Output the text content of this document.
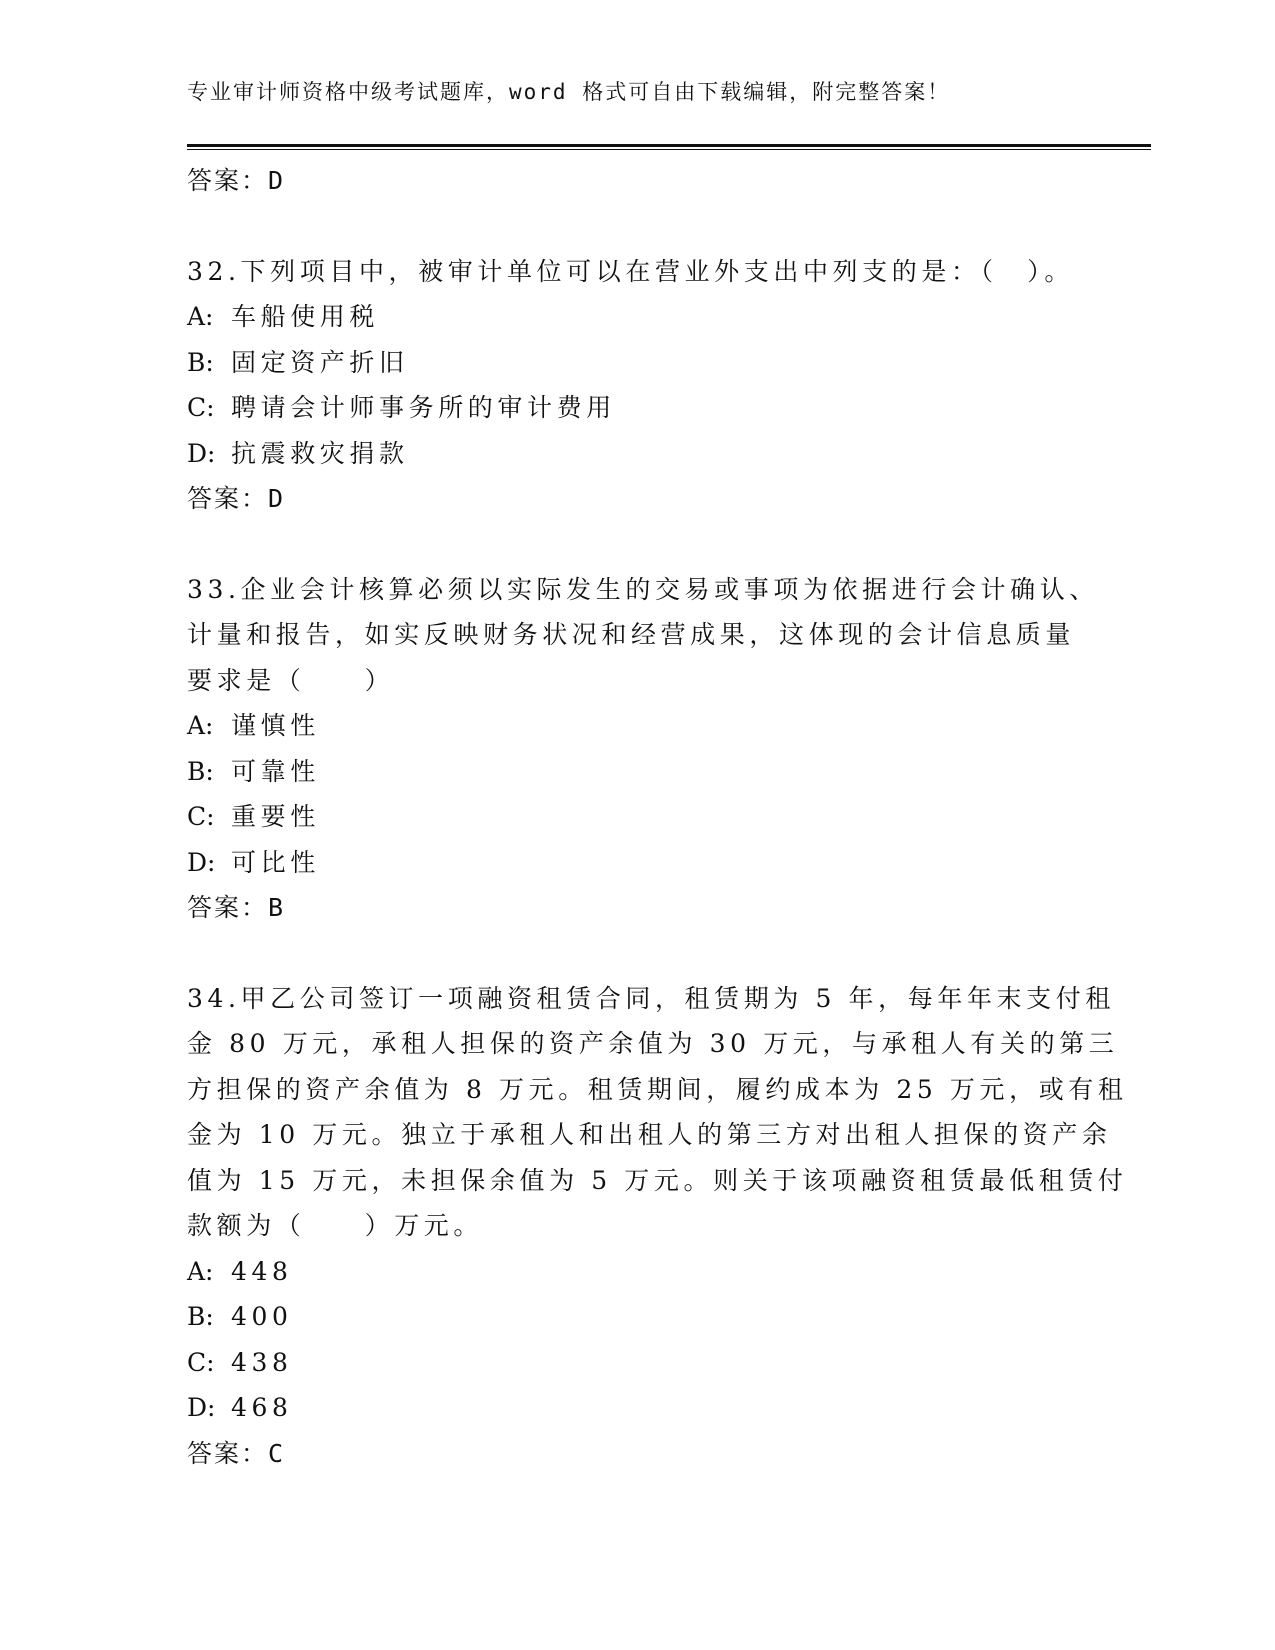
专业审计师资格中级考试题库，word 格式可自由下载编辑，附完整答案！
答案：D
32.下列项目中，被审计单位可以在营业外支出中列支的是：（　）。
A: 车船使用税
B: 固定资产折旧
C: 聘请会计师事务所的审计费用
D: 抗震救灾捐款
答案：D
33.企业会计核算必须以实际发生的交易或事项为依据进行会计确认、
计量和报告，如实反映财务状况和经营成果，这体现的会计信息质量
要求是（　　）
A: 谨慎性
B: 可靠性
C: 重要性
D: 可比性
答案：B
34.甲乙公司签订一项融资租赁合同，租赁期为 5 年，每年年末支付租
金 80 万元，承租人担保的资产余值为 30 万元，与承租人有关的第三
方担保的资产余值为 8 万元。租赁期间，履约成本为 25 万元，或有租
金为 10 万元。独立于承租人和出租人的第三方对出租人担保的资产余
值为 15 万元，未担保余值为 5 万元。则关于该项融资租赁最低租赁付
款额为（　　）万元。
A: 448
B: 400
C: 438
D: 468
答案：C
